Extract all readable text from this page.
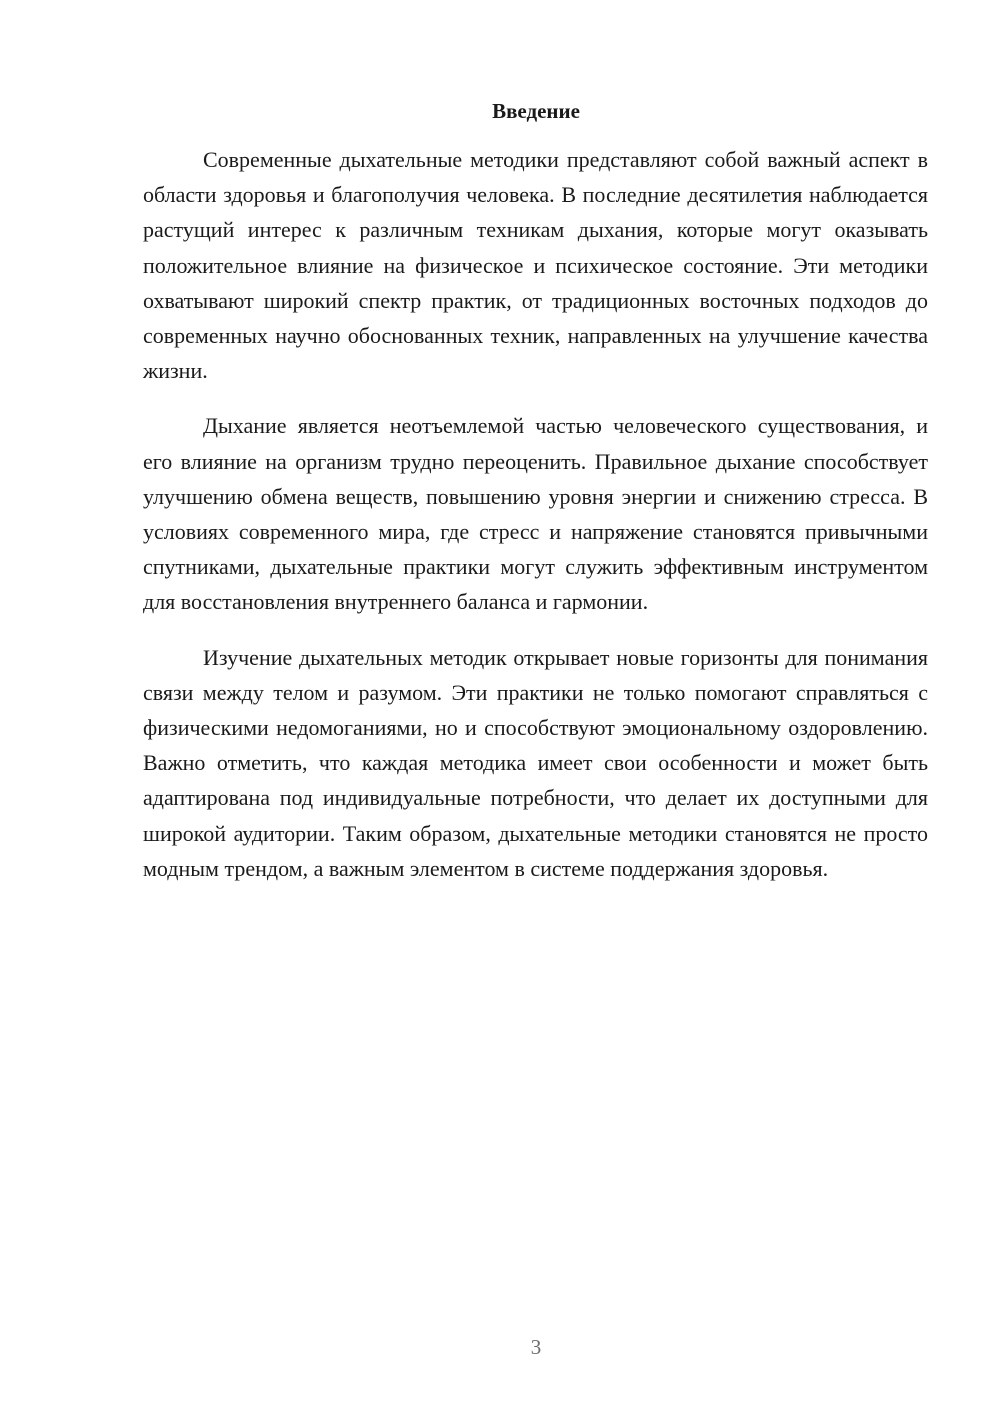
Введение

Современные дыхательные методики представляют собой важный аспект в области здоровья и благополучия человека. В последние десятилетия наблюдается растущий интерес к различным техникам дыхания, которые могут оказывать положительное влияние на физическое и психическое состояние. Эти методики охватывают широкий спектр практик, от традиционных восточных подходов до современных научно обоснованных техник, направленных на улучшение качества жизни.

Дыхание является неотъемлемой частью человеческого существования, и его влияние на организм трудно переоценить. Правильное дыхание способствует улучшению обмена веществ, повышению уровня энергии и снижению стресса. В условиях современного мира, где стресс и напряжение становятся привычными спутниками, дыхательные практики могут служить эффективным инструментом для восстановления внутреннего баланса и гармонии.

Изучение дыхательных методик открывает новые горизонты для понимания связи между телом и разумом. Эти практики не только помогают справляться с физическими недомоганиями, но и способствуют эмоциональному оздоровлению. Важно отметить, что каждая методика имеет свои особенности и может быть адаптирована под индивидуальные потребности, что делает их доступными для широкой аудитории. Таким образом, дыхательные методики становятся не просто модным трендом, а важным элементом в системе поддержания здоровья.

3
